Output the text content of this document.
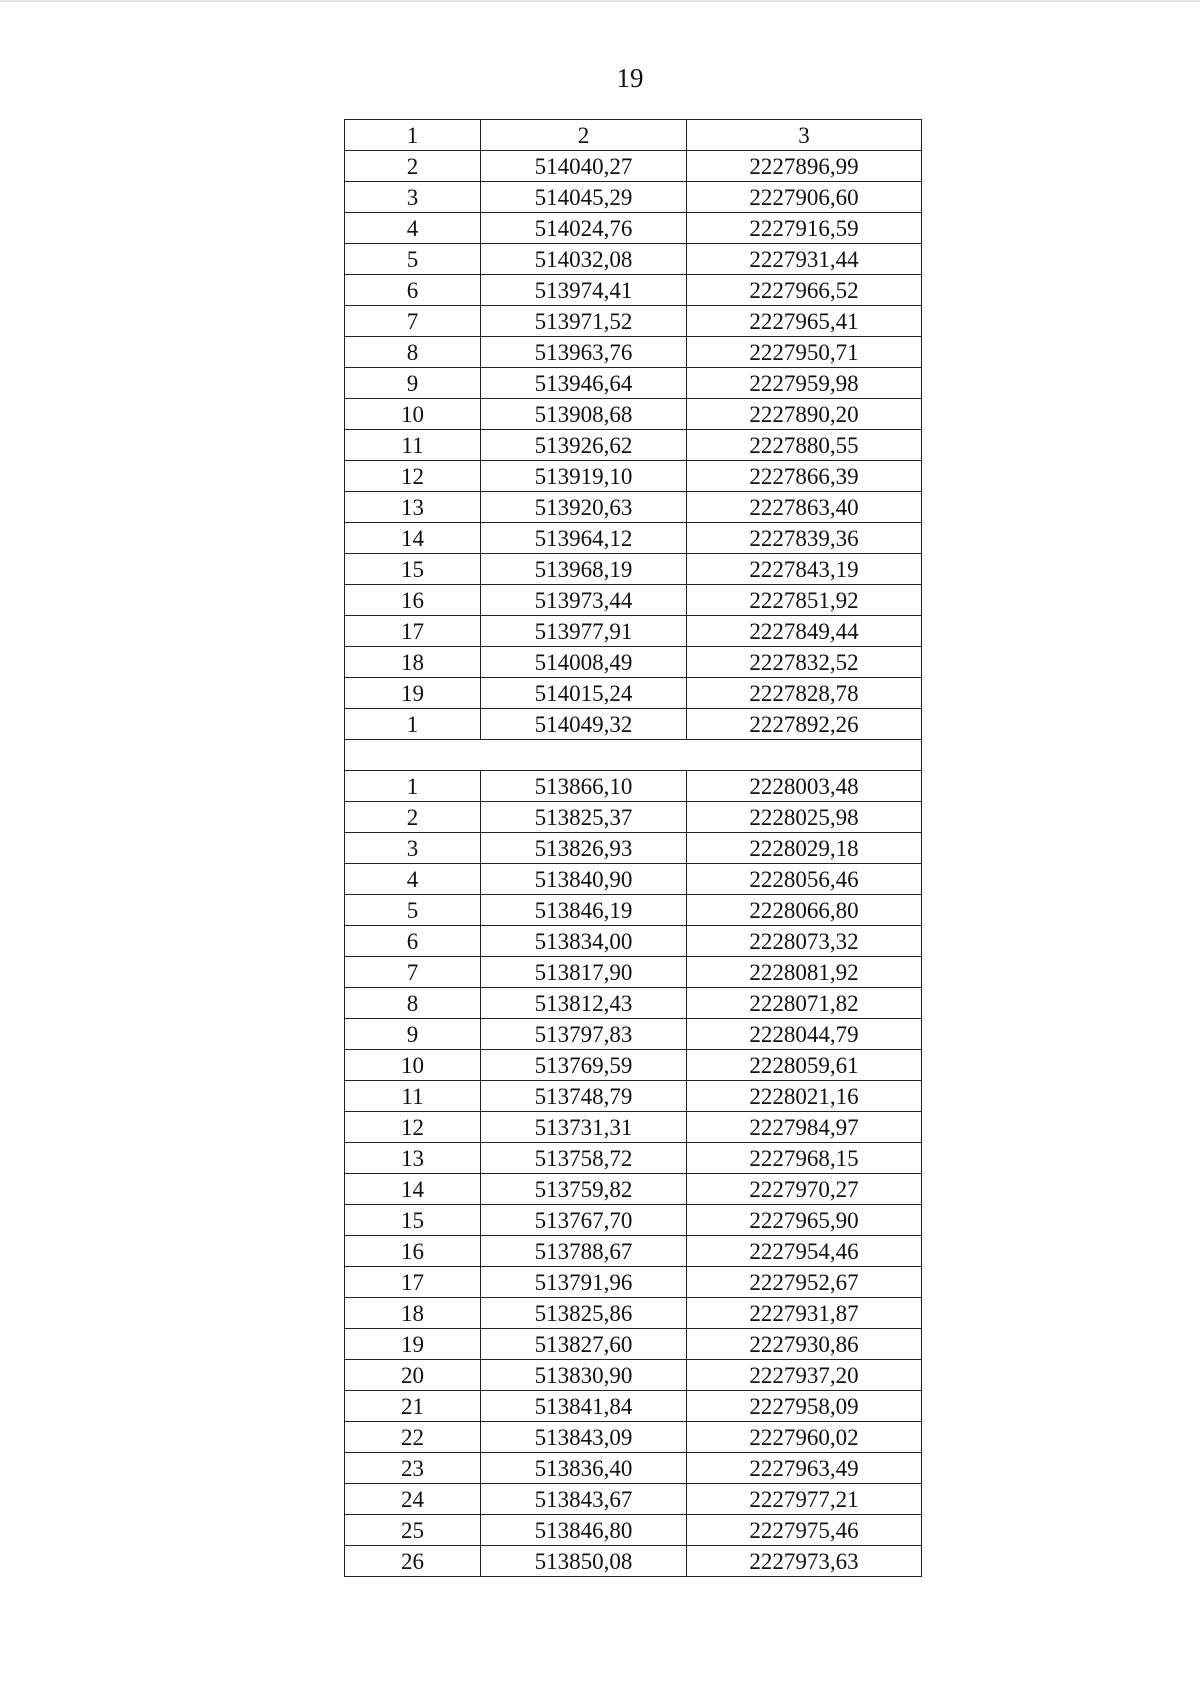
19
1	2	3
2	514040,27	2227896,99
3	514045,29	2227906,60
4	514024,76	2227916,59
5	514032,08	2227931,44
6	513974,41	2227966,52
7	513971,52	2227965,41
8	513963,76	2227950,71
9	513946,64	2227959,98
10	513908,68	2227890,20
11	513926,62	2227880,55
12	513919,10	2227866,39
13	513920,63	2227863,40
14	513964,12	2227839,36
15	513968,19	2227843,19
16	513973,44	2227851,92
17	513977,91	2227849,44
18	514008,49	2227832,52
19	514015,24	2227828,78
1	514049,32	2227892,26

1	513866,10	2228003,48
2	513825,37	2228025,98
3	513826,93	2228029,18
4	513840,90	2228056,46
5	513846,19	2228066,80
6	513834,00	2228073,32
7	513817,90	2228081,92
8	513812,43	2228071,82
9	513797,83	2228044,79
10	513769,59	2228059,61
11	513748,79	2228021,16
12	513731,31	2227984,97
13	513758,72	2227968,15
14	513759,82	2227970,27
15	513767,70	2227965,90
16	513788,67	2227954,46
17	513791,96	2227952,67
18	513825,86	2227931,87
19	513827,60	2227930,86
20	513830,90	2227937,20
21	513841,84	2227958,09
22	513843,09	2227960,02
23	513836,40	2227963,49
24	513843,67	2227977,21
25	513846,80	2227975,46
26	513850,08	2227973,63
